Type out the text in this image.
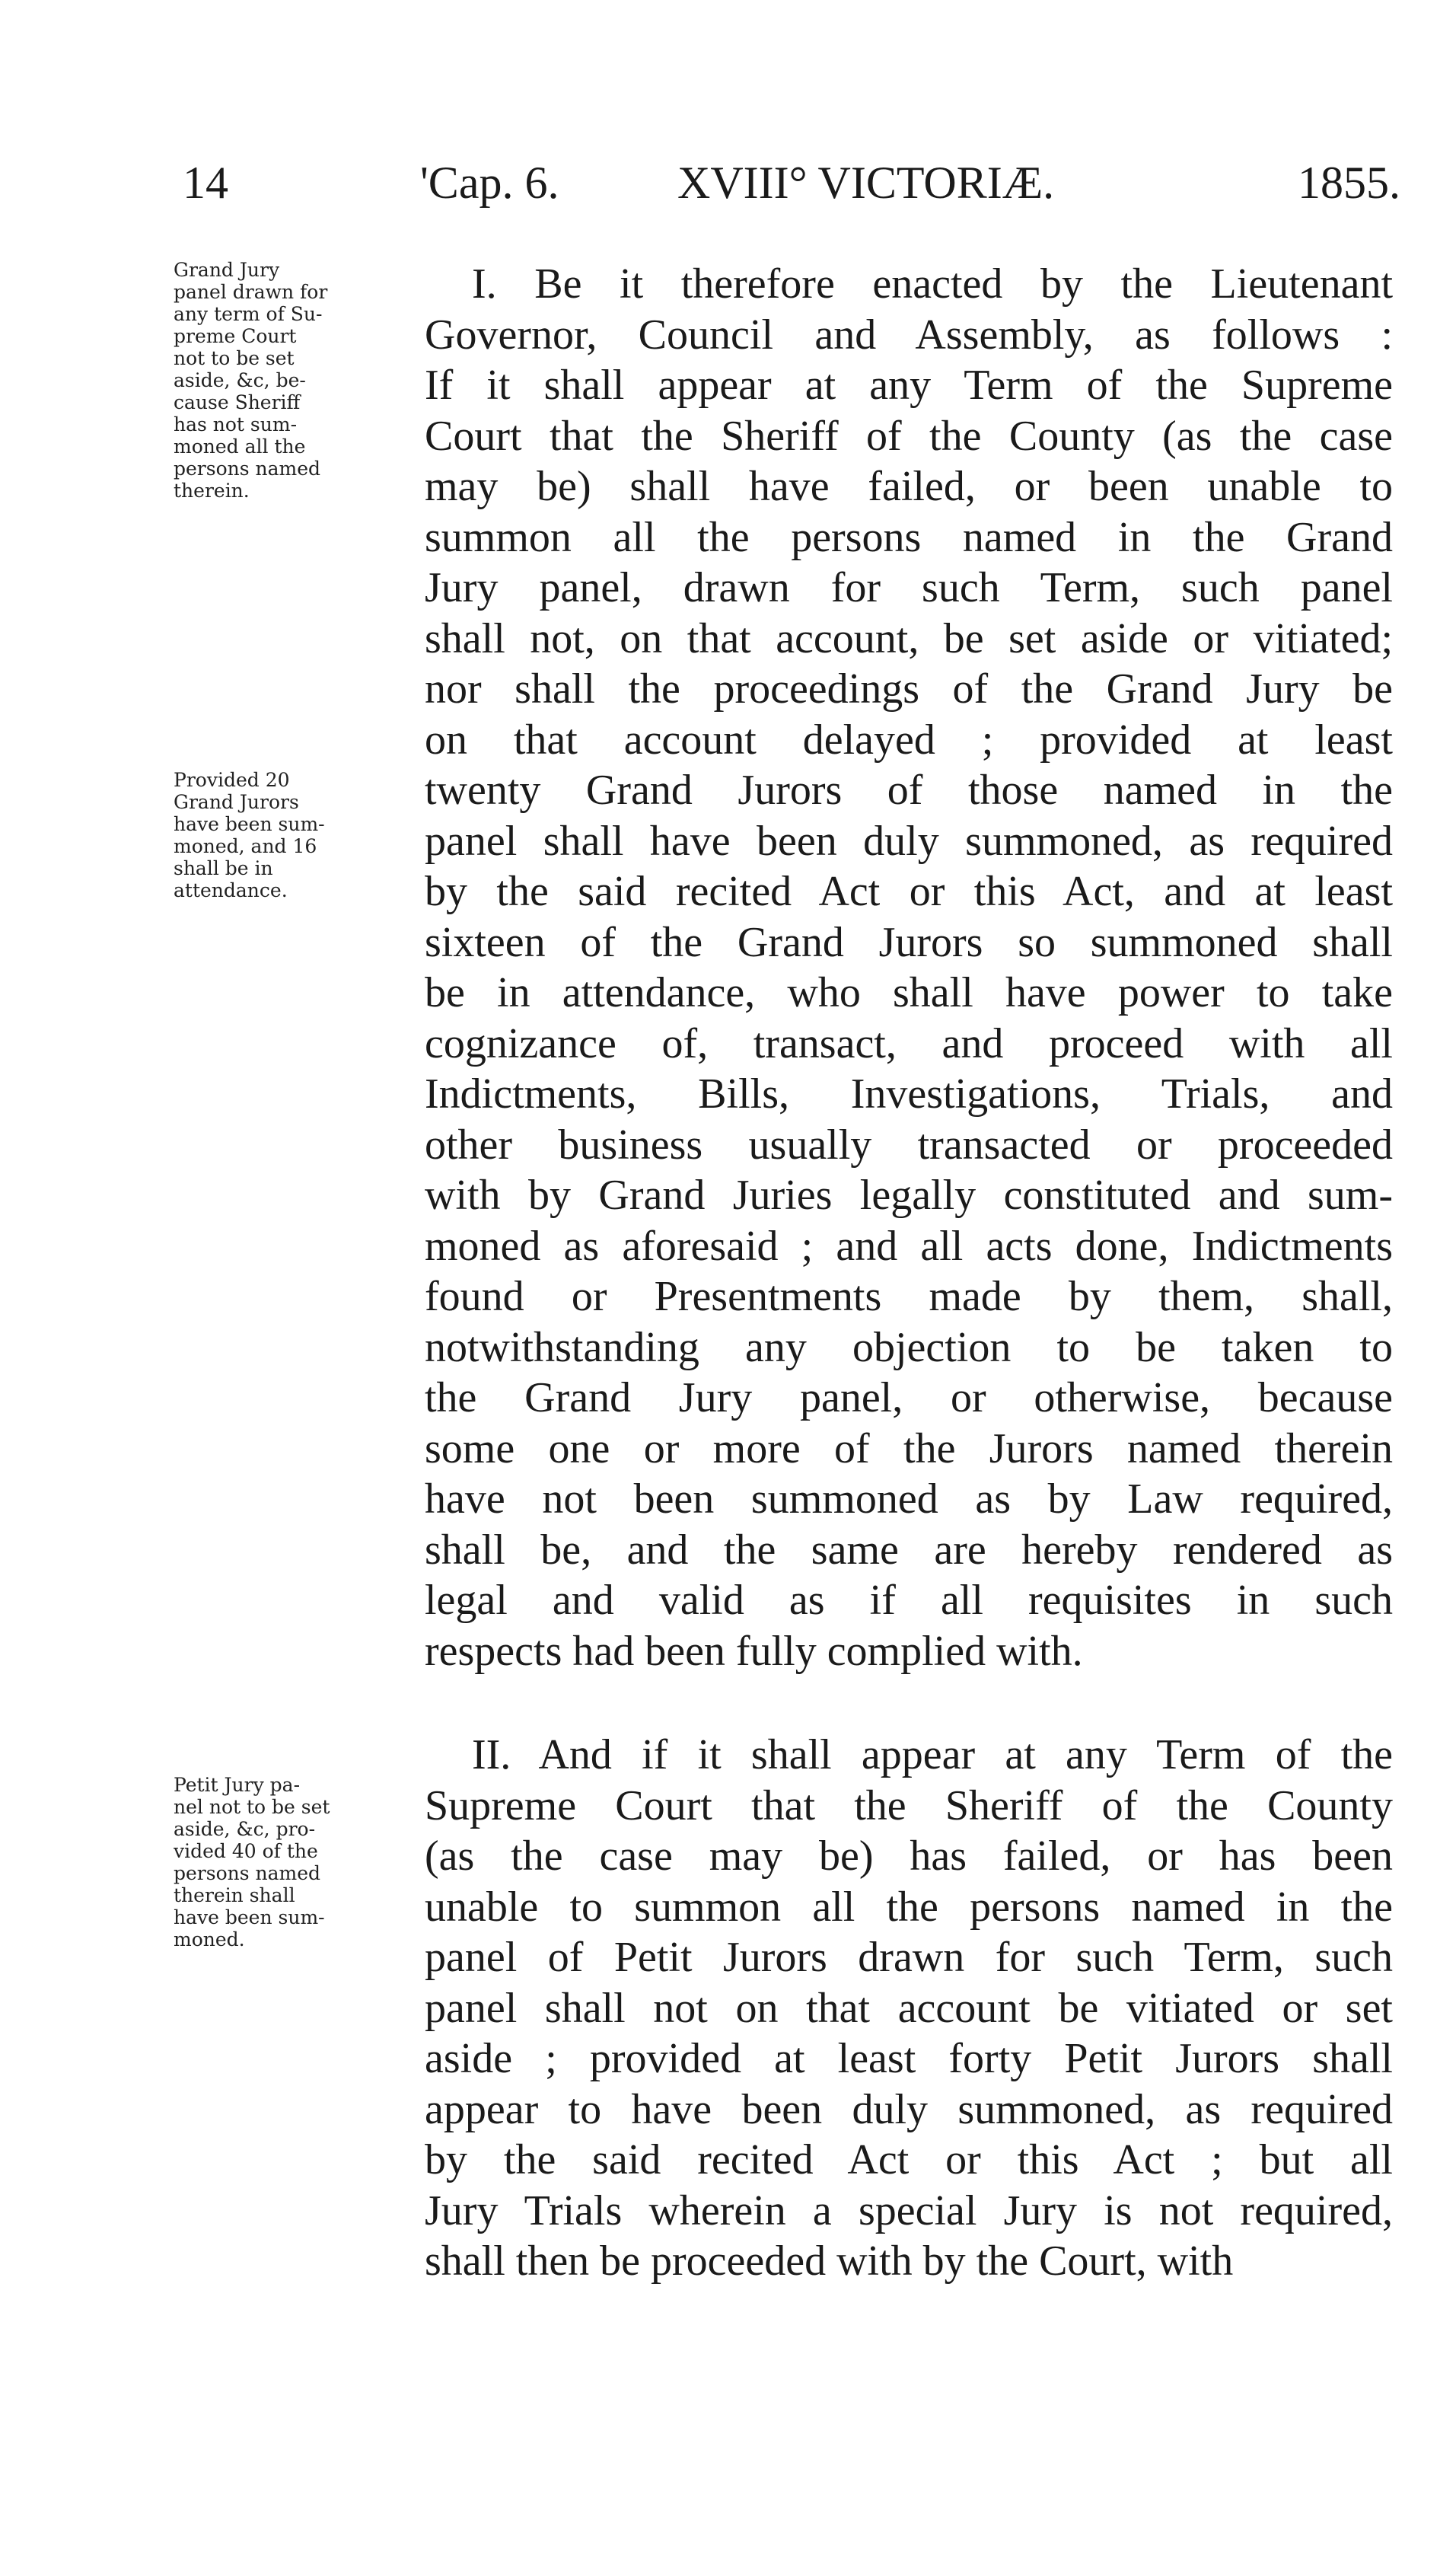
14	'Cap. 6.	XVIII° VICTORIÆ.	1855.
Grand Jury
panel drawn for
any term of Su-
preme Court
not to be set
aside, &c, be-
cause Sheriff
has not sum-
moned all the
persons named
therein.
Provided 20
Grand Jurors
have been sum-
moned, and 16
shall be in
attendance.
Petit Jury pa-
nel not to be set
aside, &c, pro-
vided 40 of the
persons named
therein shall
have been sum-
moned.
I. Be it therefore enacted by the Lieutenant
Governor, Council and Assembly, as follows :
If it shall appear at any Term of the Supreme
Court that the Sheriff of the County (as the case
may be) shall have failed, or been unable to
summon all the persons named in the Grand
Jury panel, drawn for such Term, such panel
shall not, on that account, be set aside or vitiated;
nor shall the proceedings of the Grand Jury be
on that account delayed ; provided at least
twenty Grand Jurors of those named in the
panel shall have been duly summoned, as required
by the said recited Act or this Act, and at least
sixteen of the Grand Jurors so summoned shall
be in attendance, who shall have power to take
cognizance of, transact, and proceed with all
Indictments, Bills, Investigations, Trials, and
other business usually transacted or proceeded
with by Grand Juries legally constituted and sum-
moned as aforesaid ; and all acts done, Indictments
found or Presentments made by them, shall,
notwithstanding any objection to be taken to
the Grand Jury panel, or otherwise, because
some one or more of the Jurors named therein
have not been summoned as by Law required,
shall be, and the same are hereby rendered as
legal and valid as if all requisites in such
respects had been fully complied with.
II. And if it shall appear at any Term of the
Supreme Court that the Sheriff of the County
(as the case may be) has failed, or has been
unable to summon all the persons named in the
panel of Petit Jurors drawn for such Term, such
panel shall not on that account be vitiated or set
aside ; provided at least forty Petit Jurors shall
appear to have been duly summoned, as required
by the said recited Act or this Act ; but all
Jury Trials wherein a special Jury is not required,
shall then be proceeded with by the Court, with
